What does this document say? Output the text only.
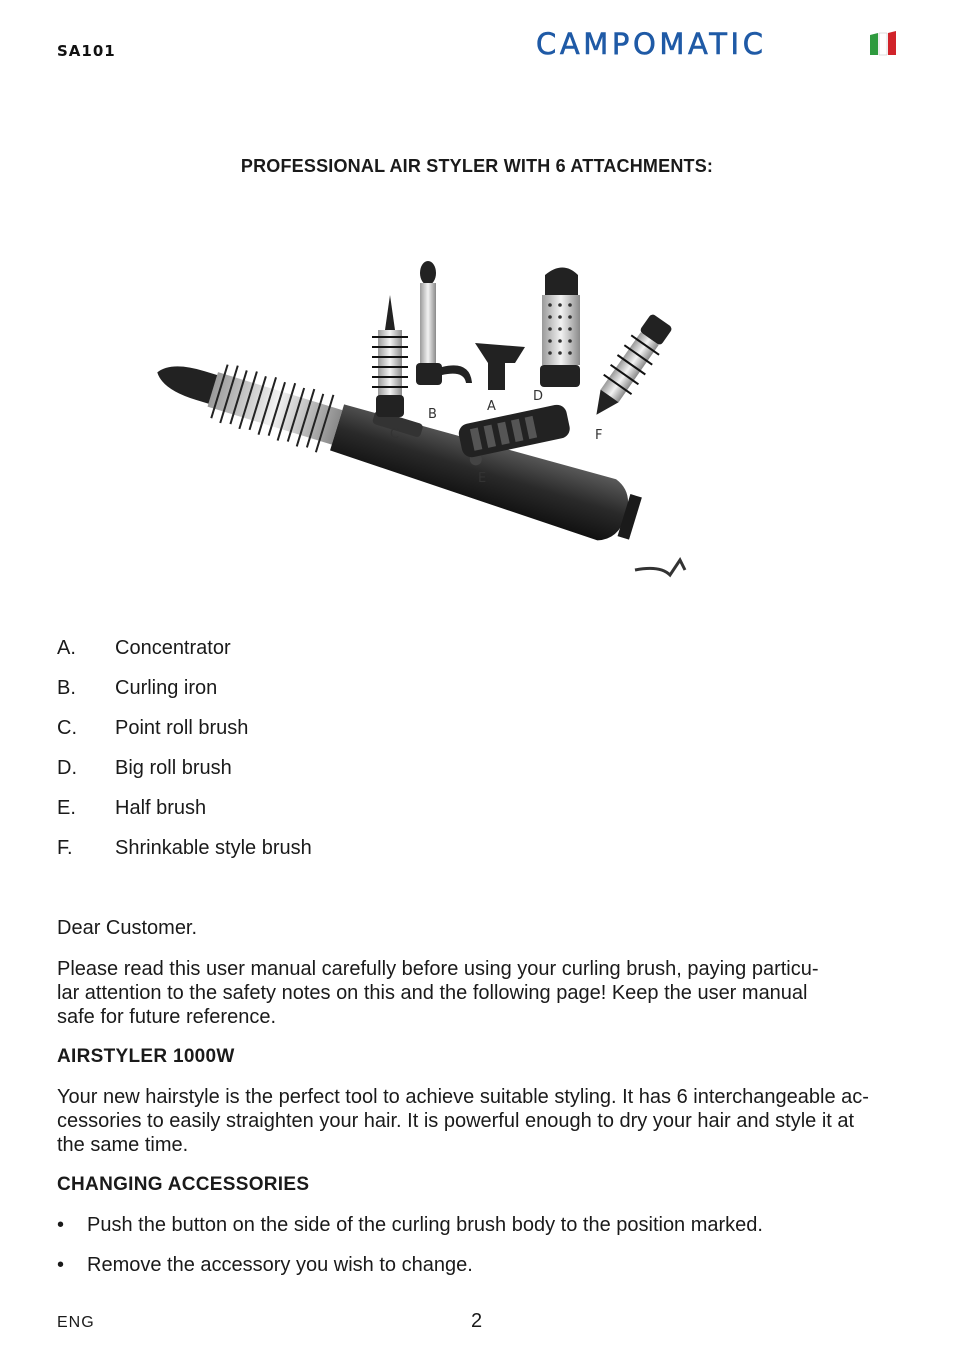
SA101	CAMPOMATIC
PROFESSIONAL AIR STYLER WITH 6 ATTACHMENTS:
A
B
C
D
E
F
A.	Concentrator
B.	Curling iron
C.	Point roll brush
D.	Big roll brush
E.	Half brush
F.	Shrinkable style brush
Dear Customer.
Please read this user manual carefully before using your curling brush, paying particu-
lar attention to the safety notes on this and the following page! Keep the user manual
safe for future reference.
AIRSTYLER 1000W
Your new hairstyle is the perfect tool to achieve suitable styling. It has 6 interchangeable ac-
cessories to easily straighten your hair. It is powerful enough to dry your hair and style it at
the same time.
CHANGING ACCESSORIES
•	Push the button on the side of the curling brush body to the position marked.
•	Remove the accessory you wish to change.
ENG	2
